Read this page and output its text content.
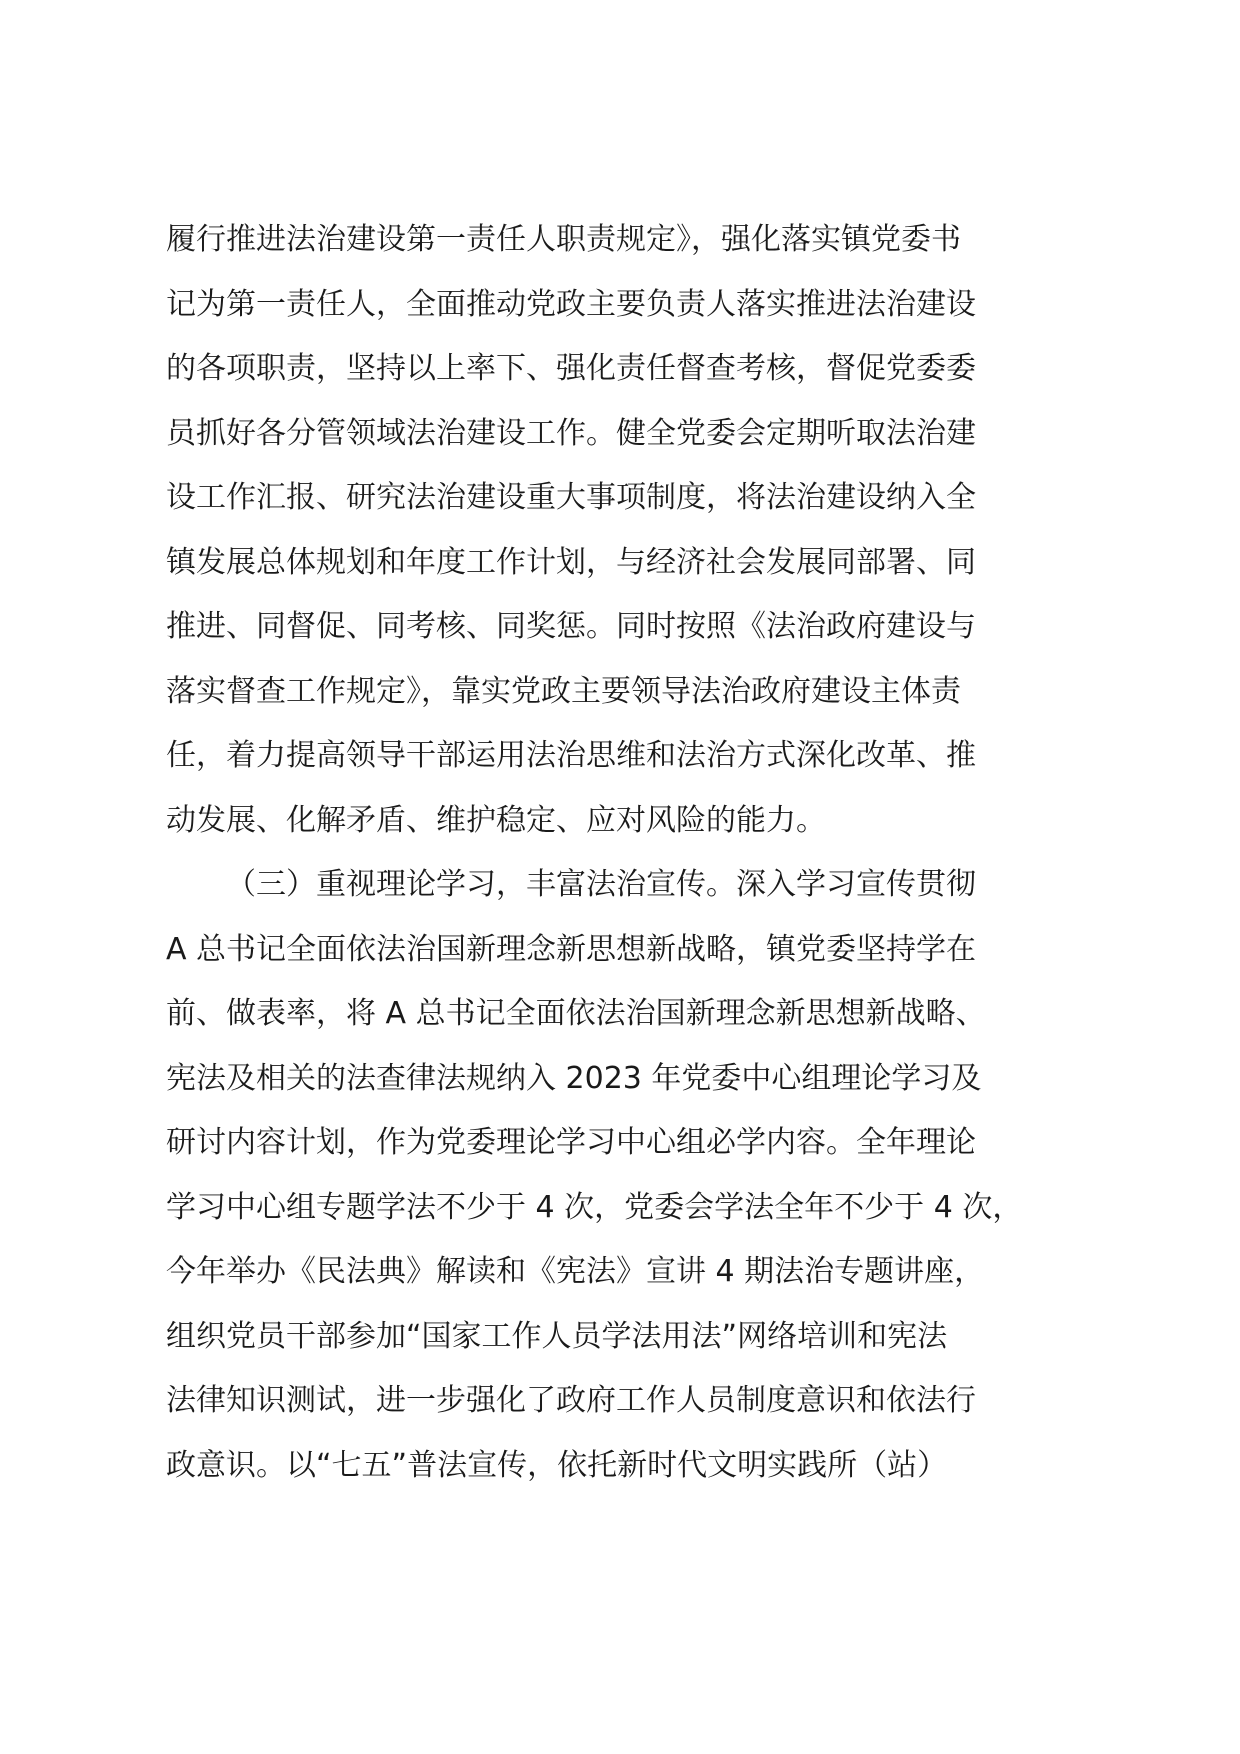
履行推进法治建设第一责任人职责规定》，强化落实镇党委书
记为第一责任人，全面推动党政主要负责人落实推进法治建设
的各项职责，坚持以上率下、强化责任督查考核，督促党委委
员抓好各分管领域法治建设工作。健全党委会定期听取法治建
设工作汇报、研究法治建设重大事项制度，将法治建设纳入全
镇发展总体规划和年度工作计划，与经济社会发展同部署、同
推进、同督促、同考核、同奖惩。同时按照《法治政府建设与
落实督查工作规定》，靠实党政主要领导法治政府建设主体责
任，着力提高领导干部运用法治思维和法治方式深化改革、推
动发展、化解矛盾、维护稳定、应对风险的能力。
（三）重视理论学习，丰富法治宣传。深入学习宣传贯彻
A 总书记全面依法治国新理念新思想新战略，镇党委坚持学在
前、做表率，将 A 总书记全面依法治国新理念新思想新战略、
宪法及相关的法查律法规纳入 2023 年党委中心组理论学习及
研讨内容计划，作为党委理论学习中心组必学内容。全年理论
学习中心组专题学法不少于 4 次，党委会学法全年不少于 4 次，
今年举办《民法典》解读和《宪法》宣讲 4 期法治专题讲座，
组织党员干部参加“国家工作人员学法用法”网络培训和宪法
法律知识测试，进一步强化了政府工作人员制度意识和依法行
政意识。以“七五”普法宣传，依托新时代文明实践所（站）
